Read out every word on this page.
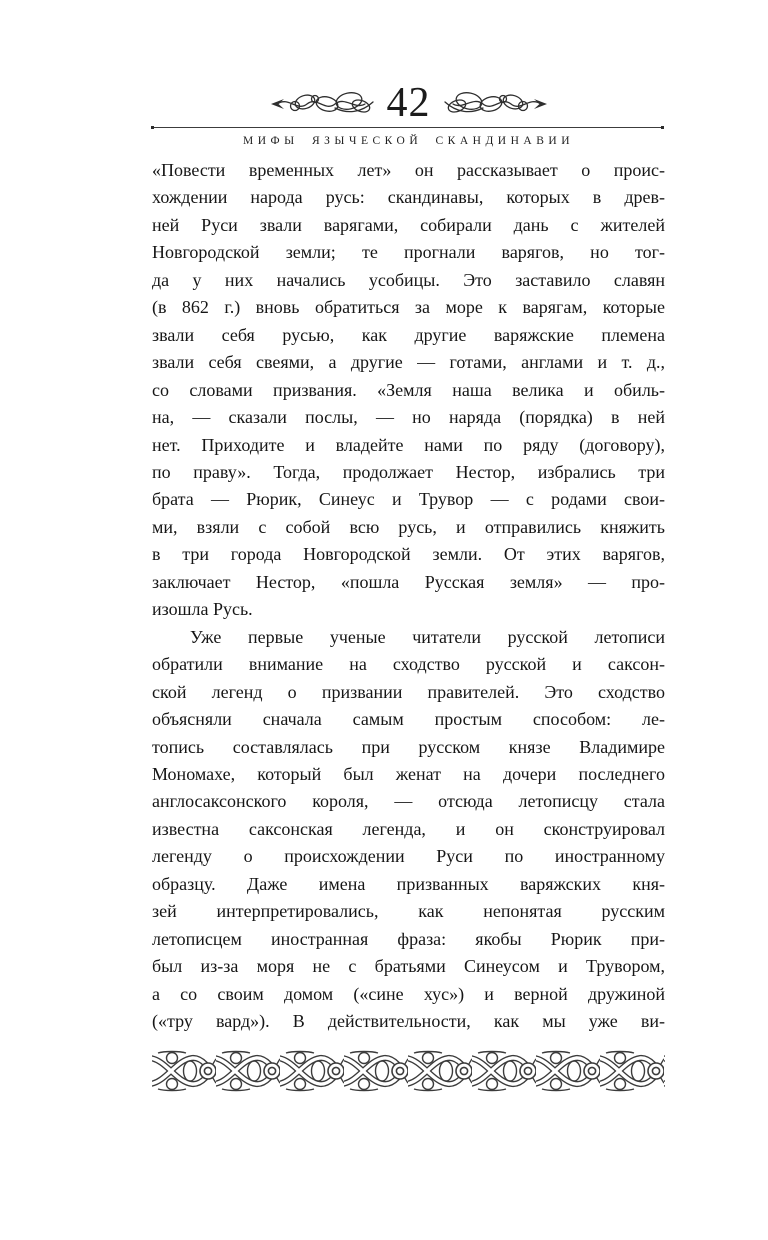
42
МИФЫ ЯЗЫЧЕСКОЙ СКАНДИНАВИИ
«Повести временных лет» он рассказывает о проис-
хождении народа русь: скандинавы, которых в древ-
ней Руси звали варягами, собирали дань с жителей
Новгородской земли; те прогнали варягов, но тог-
да у них начались усобицы. Это заставило славян
(в 862 г.) вновь обратиться за море к варягам, которые
звали себя русью, как другие варяжские племена
звали себя свеями, а другие — готами, англами и т. д.,
со словами призвания. «Земля наша велика и обиль-
на, — сказали послы, — но наряда (порядка) в ней
нет. Приходите и владейте нами по ряду (договору),
по праву». Тогда, продолжает Нестор, избрались три
брата — Рюрик, Синеус и Трувор — с родами свои-
ми, взяли с собой всю русь, и отправились княжить
в три города Новгородской земли. От этих варягов,
заключает Нестор, «пошла Русская земля» — про-
изошла Русь.
Уже первые ученые читатели русской летописи
обратили внимание на сходство русской и саксон-
ской легенд о призвании правителей. Это сходство
объясняли сначала самым простым способом: ле-
топись составлялась при русском князе Владимире
Мономахе, который был женат на дочери последнего
англосаксонского короля, — отсюда летописцу стала
известна саксонская легенда, и он сконструировал
легенду о происхождении Руси по иностранному
образцу. Даже имена призванных варяжских кня-
зей интерпретировались, как непонятая русским
летописцем иностранная фраза: якобы Рюрик при-
был из-за моря не с братьями Синеусом и Трувором,
а со своим домом («сине хус») и верной дружиной
(«тру вард»). В действительности, как мы уже ви-
